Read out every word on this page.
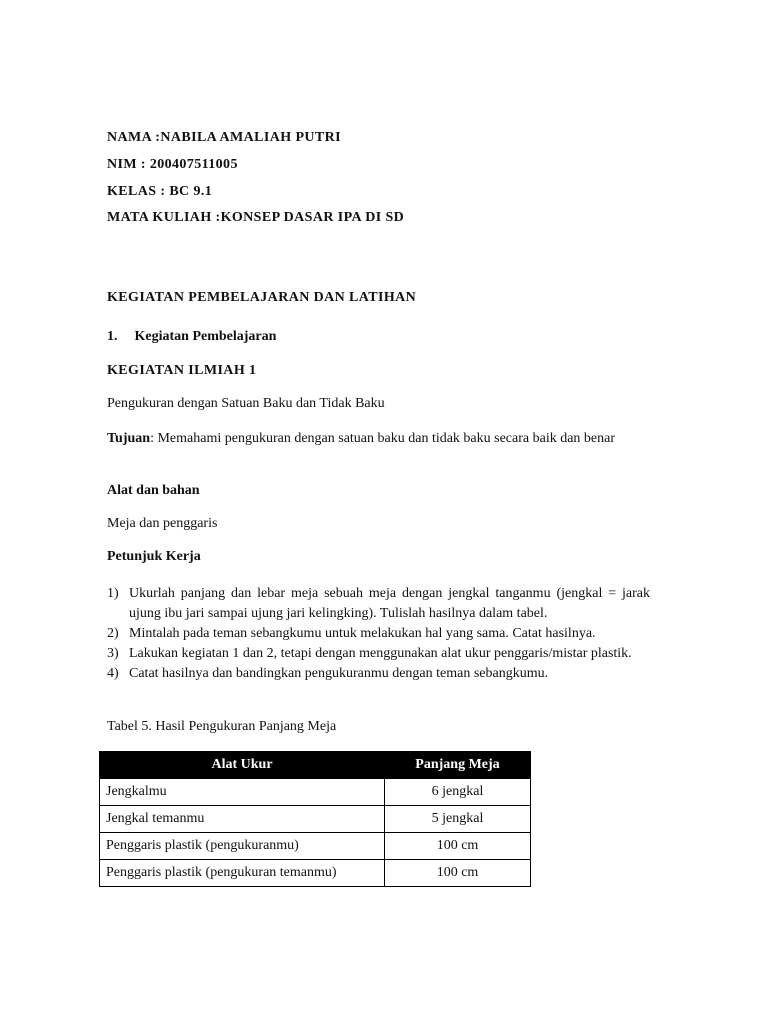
NAMA :NABILA AMALIAH PUTRI
NIM : 200407511005
KELAS : BC 9.1
MATA KULIAH :KONSEP DASAR IPA DI SD
KEGIATAN PEMBELAJARAN DAN LATIHAN
1. Kegiatan Pembelajaran
KEGIATAN ILMIAH 1
Pengukuran dengan Satuan Baku dan Tidak Baku
Tujuan: Memahami pengukuran dengan satuan baku dan tidak baku secara baik dan benar
Alat dan bahan
Meja dan penggaris
Petunjuk Kerja
1) Ukurlah panjang dan lebar meja sebuah meja dengan jengkal tanganmu (jengkal = jarak ujung ibu jari sampai ujung jari kelingking). Tulislah hasilnya dalam tabel.
2) Mintalah pada teman sebangkumu untuk melakukan hal yang sama. Catat hasilnya.
3) Lakukan kegiatan 1 dan 2, tetapi dengan menggunakan alat ukur penggaris/mistar plastik.
4) Catat hasilnya dan bandingkan pengukuranmu dengan teman sebangkumu.
Tabel 5. Hasil Pengukuran Panjang Meja
Alat Ukur	Panjang Meja
Jengkalmu	6 jengkal
Jengkal temanmu	5 jengkal
Penggaris plastik (pengukuranmu)	100 cm
Penggaris plastik (pengukuran temanmu)	100 cm
